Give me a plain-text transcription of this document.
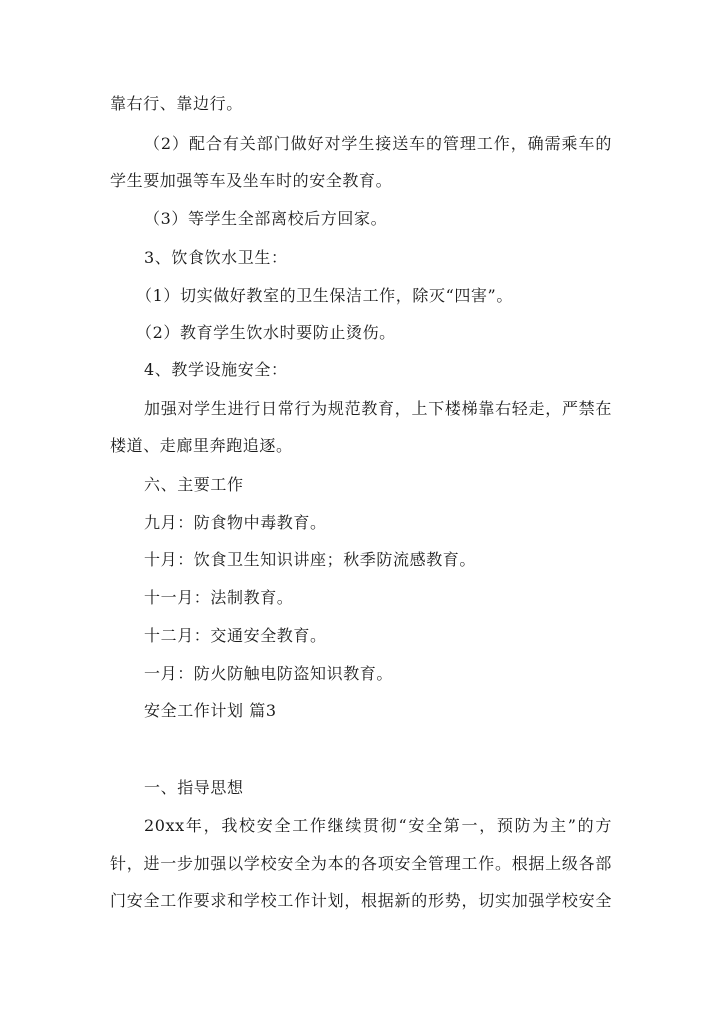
靠右行、靠边行。
（2）配合有关部门做好对学生接送车的管理工作，确需乘车的
学生要加强等车及坐车时的安全教育。
（3）等学生全部离校后方回家。
3、饮食饮水卫生：
（1）切实做好教室的卫生保洁工作，除灭“四害”。
（2）教育学生饮水时要防止烫伤。
4、教学设施安全：
加强对学生进行日常行为规范教育，上下楼梯靠右轻走，严禁在
楼道、走廊里奔跑追逐。
六、主要工作
九月：防食物中毒教育。
十月：饮食卫生知识讲座；秋季防流感教育。
十一月：法制教育。
十二月：交通安全教育。
一月：防火防触电防盗知识教育。
安全工作计划 篇3
一、指导思想
20xx年，我校安全工作继续贯彻“安全第一，预防为主”的方
针，进一步加强以学校安全为本的各项安全管理工作。根据上级各部
门安全工作要求和学校工作计划，根据新的形势，切实加强学校安全
